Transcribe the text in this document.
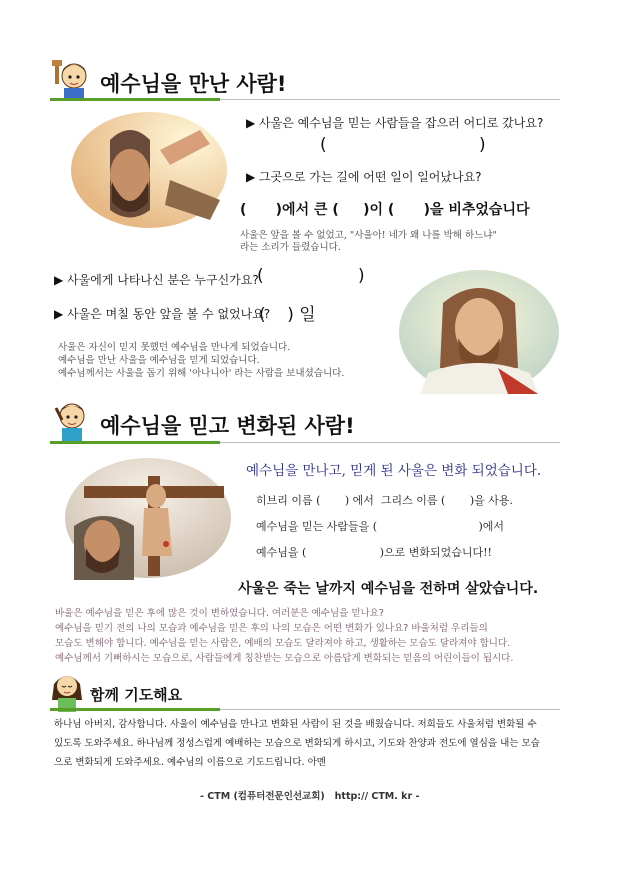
예수님을 만난 사람!
▶ 사울은 예수님을 믿는 사람들을 잡으러 어디로 갔나요?
(	)
▶ 그곳으로 가는 길에 어떤 일이 일어났나요?
(      )에서 큰 (     )이 (      )을 비추었습니다
사울은 앞을 볼 수 없었고, "사울아! 네가 왜 나를 박해 하느냐"
라는 소리가 들렸습니다.
▶ 사울에게 나타나신 분은 누구신가요?
(	)
▶ 사울은 며칠 동안 앞을 볼 수 없었나요?
(    ) 일
사울은 자신이 믿지 못했던 예수님을 만나게 되었습니다.
예수님을 만난 사울을 예수님을 믿게 되었습니다.
예수님께서는 사울을 돕기 위해 '아나니아' 라는 사람을 보내셨습니다.
예수님을 믿고 변화된 사람!
예수님을 만나고, 믿게 된 사울은 변화 되었습니다.
히브리 이름 (       ) 에서  그리스 이름 (       )을 사용.
예수님을 믿는 사람들을 (                             )에서
예수님을 (                     )으로 변화되었습니다!!
사울은 죽는 날까지 예수님을 전하며 살았습니다.
바울은 예수님을 믿은 후에 많은 것이 변하였습니다. 여러분은 예수님을 믿나요?
예수님을 믿기 전의 나의 모습과 예수님을 믿은 후의 나의 모습은 어떤 변화가 있나요? 바울처럼 우리들의
모습도 변해야 합니다. 예수님을 믿는 사람은, 예배의 모습도 달라져야 하고, 생활하는 모습도 달라져야 합니다.
예수님께서 기뻐하시는 모습으로, 사람들에게 칭찬받는 모습으로 아름답게 변화되는 믿음의 어린이들이 됩시다.
함께 기도해요
하나님 아버지, 감사합니다. 사울이 예수님을 만나고 변화된 사람이 된 것을 배웠습니다. 저희들도 사울처럼 변화될 수
있도록 도와주세요. 하나님께 정성스럽게 예배하는 모습으로 변화되게 하시고, 기도와 찬양과 전도에 열심을 내는 모습
으로 변화되게 도와주세요. 예수님의 이름으로 기도드립니다. 아멘
- CTM (컴퓨터전문인선교회)   http:// CTM. kr -
